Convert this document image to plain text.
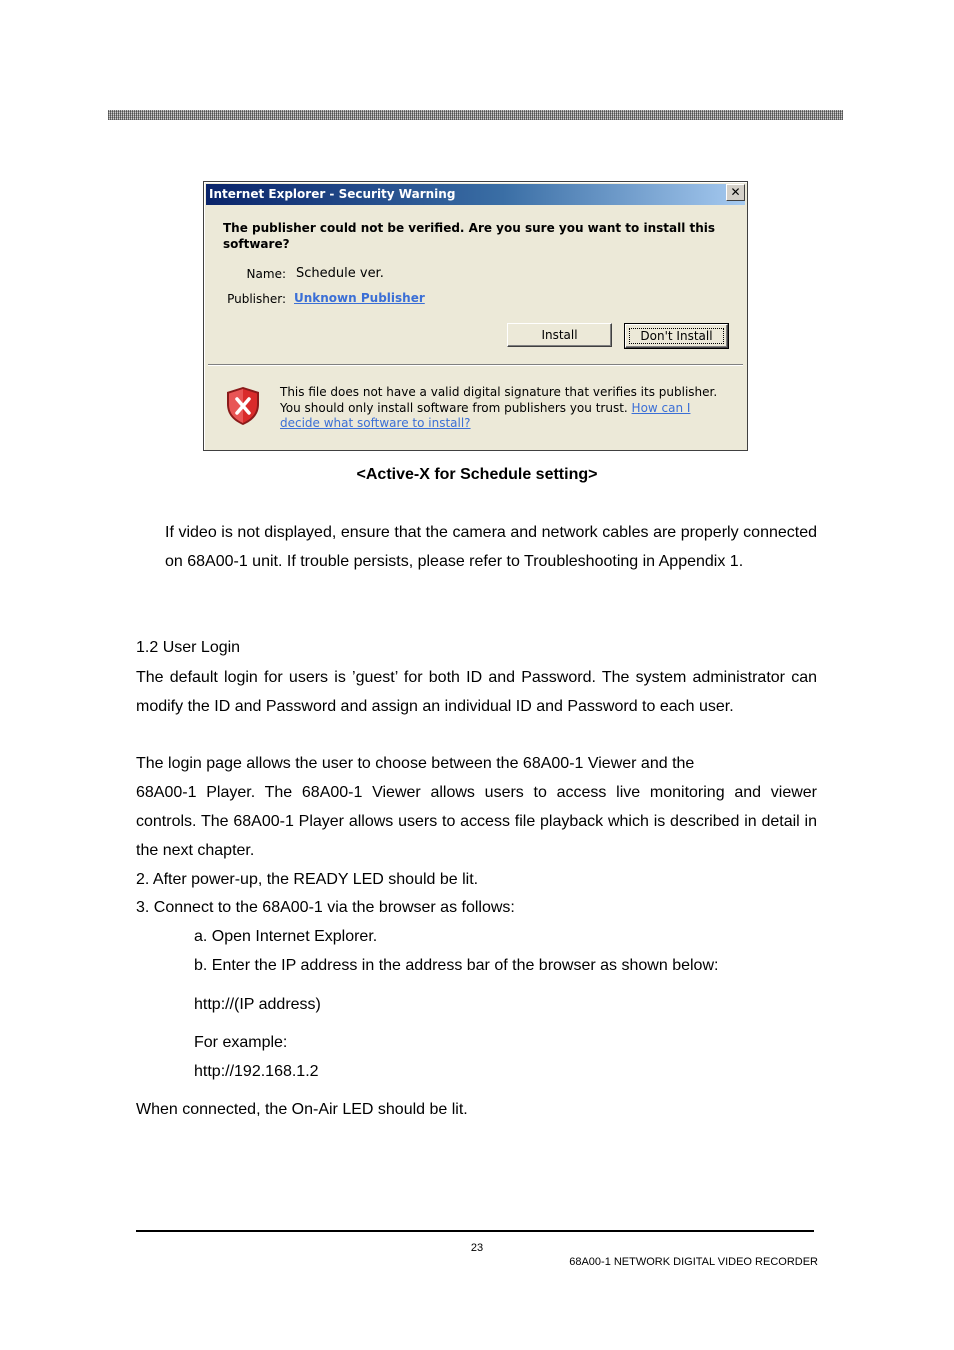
Internet Explorer - Security Warning	✕
The publisher could not be verified. Are you sure you want to install this software?
Name: Schedule ver.
Publisher: Unknown Publisher
Install	Don't Install
This file does not have a valid digital signature that verifies its publisher. You should only install software from publishers you trust. How can I decide what software to install?
<Active-X for Schedule setting>
If video is not displayed, ensure that the camera and network cables are properly connected on 68A00-1 unit. If trouble persists, please refer to Troubleshooting in Appendix 1.
1.2 User Login
The default login for users is ’guest’ for both ID and Password. The system administrator can modify the ID and Password and assign an individual ID and Password to each user.
The login page allows the user to choose between the 68A00-1 Viewer and the
68A00-1 Player. The 68A00-1 Viewer allows users to access live monitoring and viewer controls. The 68A00-1 Player allows users to access file playback which is described in detail in the next chapter.
2. After power-up, the READY LED should be lit.
3. Connect to the 68A00-1 via the browser as follows:
a. Open Internet Explorer.
b. Enter the IP address in the address bar of the browser as shown below:
http://(IP address)
For example:
http://192.168.1.2
When connected, the On-Air LED should be lit.
23
68A00-1 NETWORK DIGITAL VIDEO RECORDER
